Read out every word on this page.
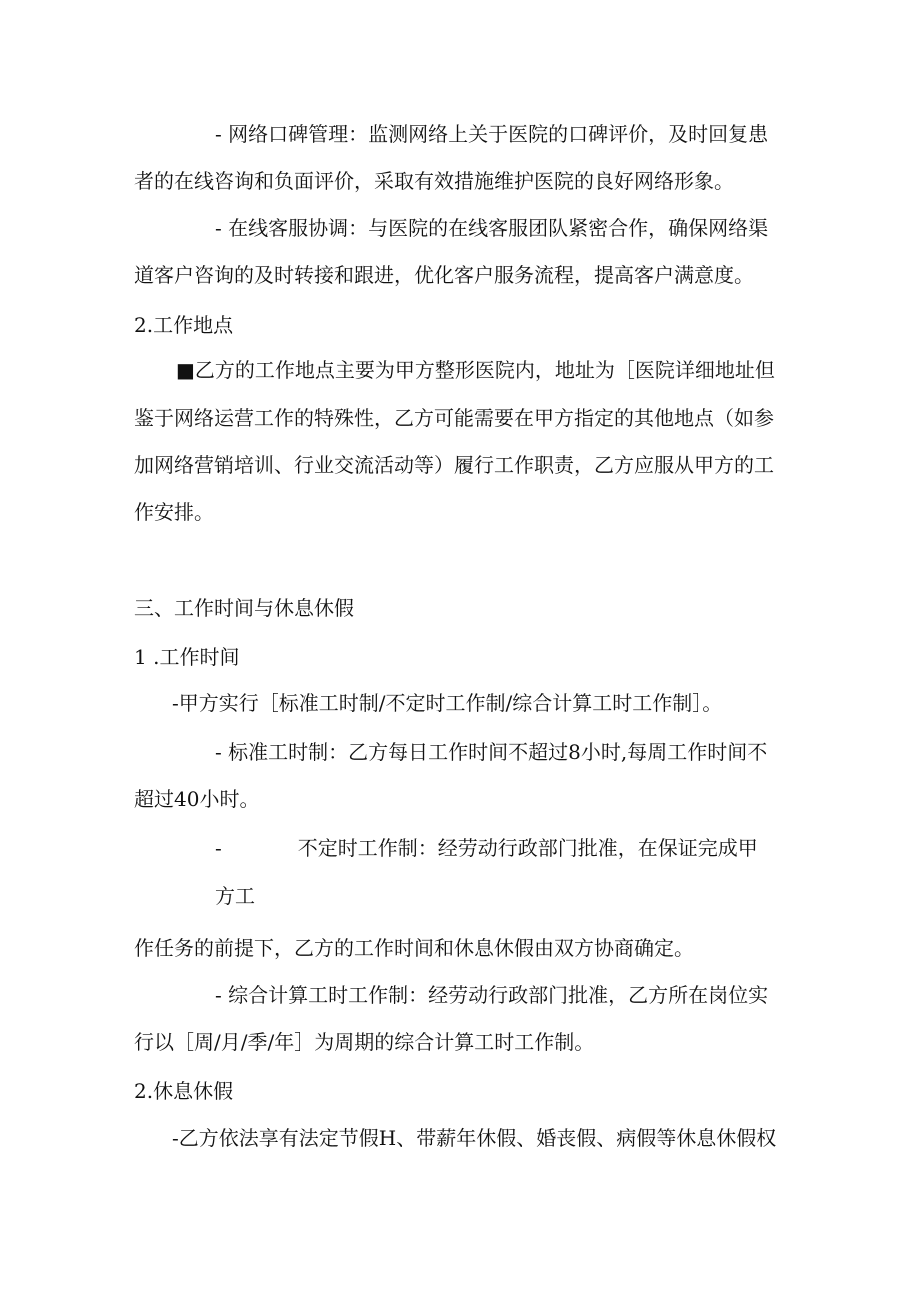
- 网络口碑管理：监测网络上关于医院的口碑评价，及时回复患
者的在线咨询和负面评价，采取有效措施维护医院的良好网络形象。
- 在线客服协调：与医院的在线客服团队紧密合作，确保网络渠
道客户咨询的及时转接和跟进，优化客户服务流程，提高客户满意度。
2.工作地点
■乙方的工作地点主要为甲方整形医院内，地址为［医院详细地址但
鉴于网络运营工作的特殊性，乙方可能需要在甲方指定的其他地点（如参
加网络营销培训、行业交流活动等）履行工作职责，乙方应服从甲方的工
作安排。
三、工作时间与休息休假
1 .工作时间
-甲方实行［标准工时制/不定时工作制/综合计算工时工作制］。
- 标准工时制：乙方每日工作时间不超过8小时,每周工作时间不
超过40小时。
-	不定时工作制：经劳动行政部门批准，在保证完成甲
方工
作任务的前提下，乙方的工作时间和休息休假由双方协商确定。
- 综合计算工时工作制：经劳动行政部门批准，乙方所在岗位实
行以［周/月/季/年］为周期的综合计算工时工作制。
2.休息休假
-乙方依法享有法定节假H、带薪年休假、婚丧假、病假等休息休假权
